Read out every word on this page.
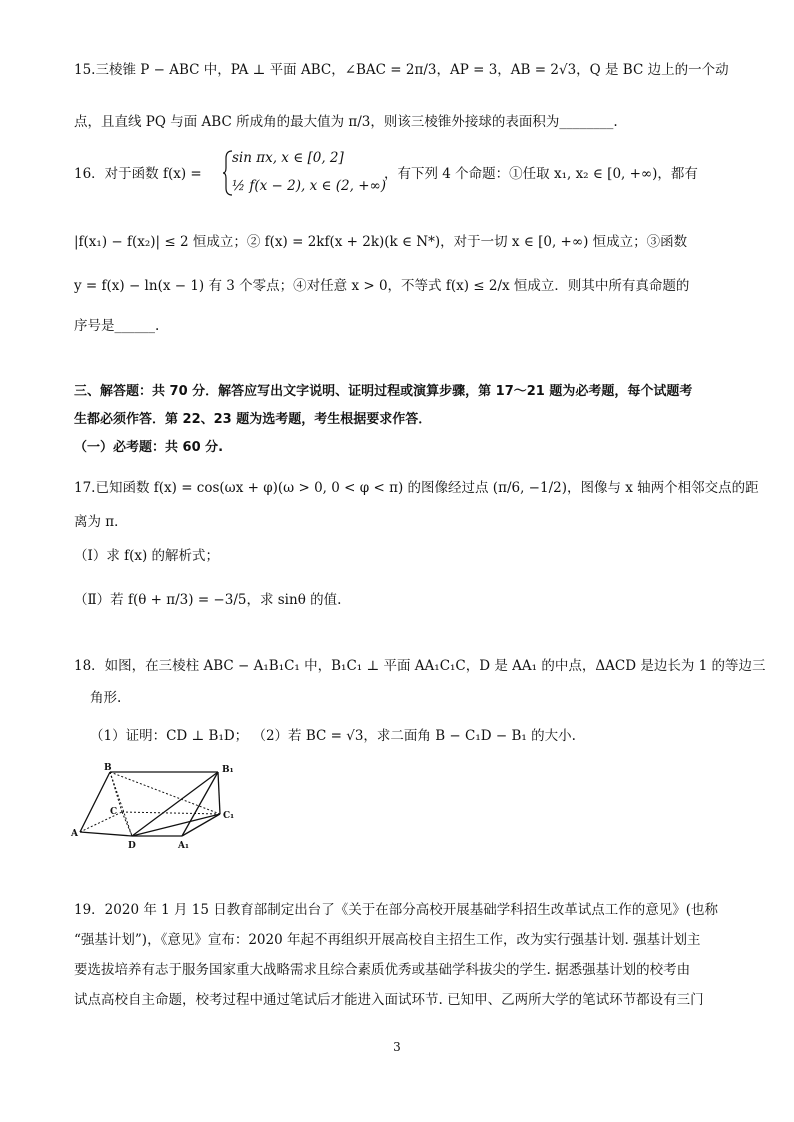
15.三棱锥 P − ABC 中，PA ⊥ 平面 ABC，∠BAC = 2π/3，AP = 3，AB = 2√3，Q 是 BC 边上的一个动
点，且直线 PQ 与面 ABC 所成角的最大值为 π/3，则该三棱锥外接球的表面积为________.
16．对于函数 f(x) =
sin πx, x ∈ [0, 2]
½ f(x − 2), x ∈ (2, +∞)
，有下列 4 个命题：①任取 x₁, x₂ ∈ [0, +∞)，都有
|f(x₁) − f(x₂)| ≤ 2 恒成立；② f(x) = 2kf(x + 2k)(k ∈ N*)，对于一切 x ∈ [0, +∞) 恒成立；③函数
y = f(x) − ln(x − 1) 有 3 个零点；④对任意 x > 0，不等式 f(x) ≤ 2/x 恒成立．则其中所有真命题的
序号是______.
三、解答题：共 70 分．解答应写出文字说明、证明过程或演算步骤，第 17～21 题为必考题，每个试题考
生都必须作答．第 22、23 题为选考题，考生根据要求作答．
（一）必考题：共 60 分.
17.已知函数 f(x) = cos(ωx + φ)(ω > 0, 0 < φ < π) 的图像经过点 (π/6, −1/2)，图像与 x 轴两个相邻交点的距
离为 π．
（Ⅰ）求 f(x) 的解析式；
（Ⅱ）若 f(θ + π/3) = −3/5，求 sinθ 的值.
18．如图，在三棱柱 ABC − A₁B₁C₁ 中，B₁C₁ ⊥ 平面 AA₁C₁C，D 是 AA₁ 的中点，ΔACD 是边长为 1 的等边三
角形.
（1）证明：CD ⊥ B₁D； （2）若 BC = √3，求二面角 B − C₁D − B₁ 的大小.
B	B₁
C	C₁
A
D	A₁
19．2020 年 1 月 15 日教育部制定出台了《关于在部分高校开展基础学科招生改革试点工作的意见》(也称
“强基计划”)，《意见》宣布：2020 年起不再组织开展高校自主招生工作，改为实行强基计划. 强基计划主
要选拔培养有志于服务国家重大战略需求且综合素质优秀或基础学科拔尖的学生. 据悉强基计划的校考由
试点高校自主命题，校考过程中通过笔试后才能进入面试环节. 已知甲、乙两所大学的笔试环节都设有三门
3
